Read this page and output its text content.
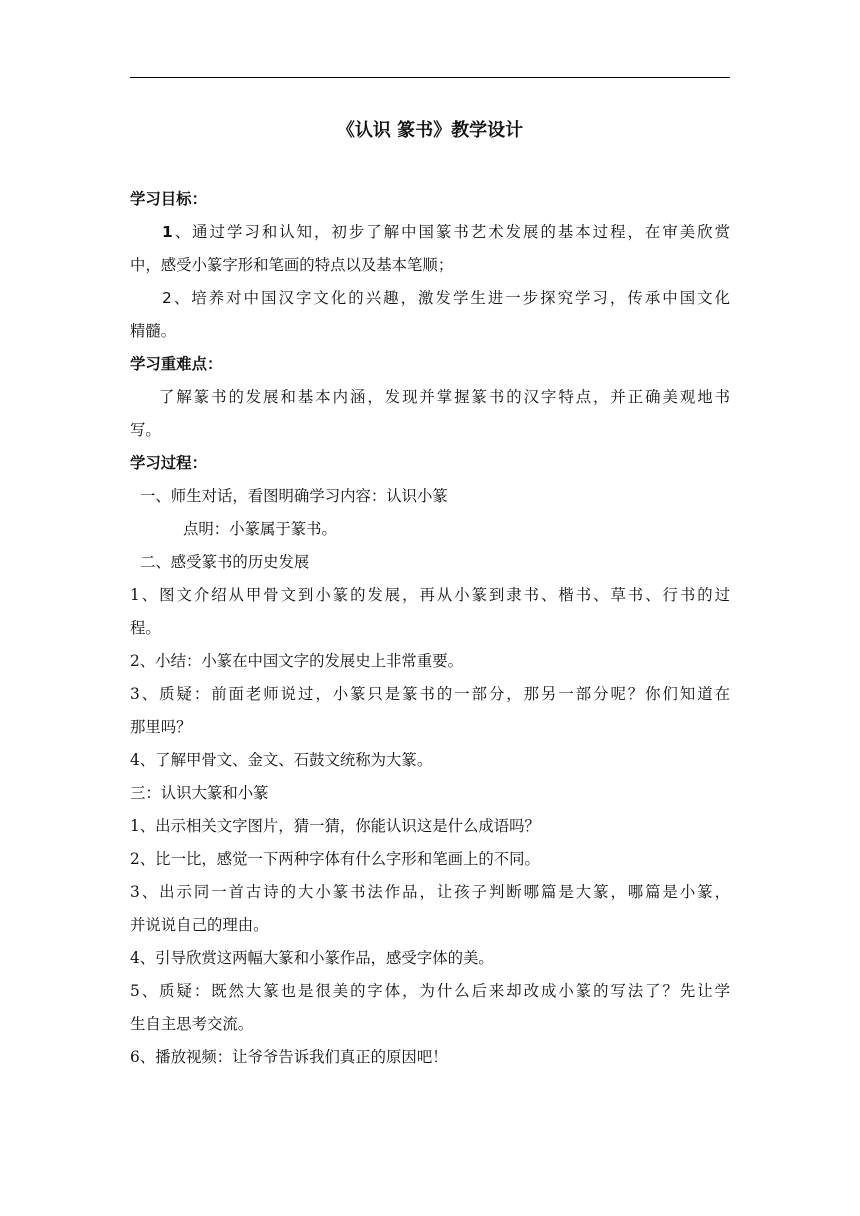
《认识 篆书》教学设计
学习目标：
1、通过学习和认知，初步了解中国篆书艺术发展的基本过程，在审美欣赏
中，感受小篆字形和笔画的特点以及基本笔顺；
2、培养对中国汉字文化的兴趣，激发学生进一步探究学习，传承中国文化
精髓。
学习重难点：
了解篆书的发展和基本内涵，发现并掌握篆书的汉字特点，并正确美观地书
写。
学习过程：
一、师生对话，看图明确学习内容：认识小篆
点明：小篆属于篆书。
二、感受篆书的历史发展
1、图文介绍从甲骨文到小篆的发展，再从小篆到隶书、楷书、草书、行书的过
程。
2、小结：小篆在中国文字的发展史上非常重要。
3、质疑：前面老师说过，小篆只是篆书的一部分，那另一部分呢？你们知道在
那里吗？
4、了解甲骨文、金文、石鼓文统称为大篆。
三：认识大篆和小篆
1、出示相关文字图片，猜一猜，你能认识这是什么成语吗？
2、比一比，感觉一下两种字体有什么字形和笔画上的不同。
3、出示同一首古诗的大小篆书法作品，让孩子判断哪篇是大篆，哪篇是小篆，
并说说自己的理由。
4、引导欣赏这两幅大篆和小篆作品，感受字体的美。
5、质疑：既然大篆也是很美的字体，为什么后来却改成小篆的写法了？先让学
生自主思考交流。
6、播放视频：让爷爷告诉我们真正的原因吧！
